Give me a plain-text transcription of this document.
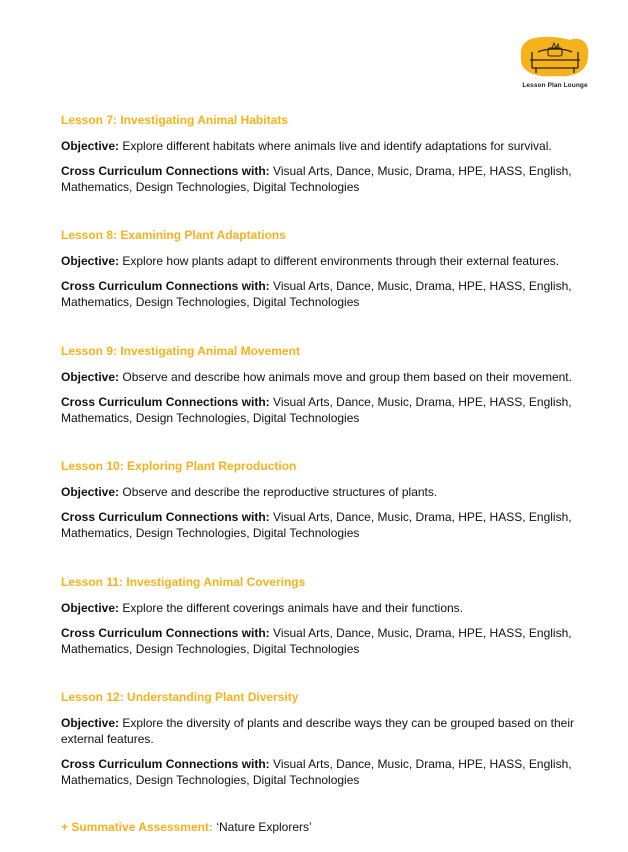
Lesson Plan Lounge
Lesson 7: Investigating Animal Habitats
Objective: Explore different habitats where animals live and identify adaptations for survival.
Cross Curriculum Connections with: Visual Arts, Dance, Music, Drama, HPE, HASS, English, Mathematics, Design Technologies, Digital Technologies
Lesson 8: Examining Plant Adaptations
Objective: Explore how plants adapt to different environments through their external features.
Cross Curriculum Connections with: Visual Arts, Dance, Music, Drama, HPE, HASS, English, Mathematics, Design Technologies, Digital Technologies
Lesson 9: Investigating Animal Movement
Objective: Observe and describe how animals move and group them based on their movement.
Cross Curriculum Connections with: Visual Arts, Dance, Music, Drama, HPE, HASS, English, Mathematics, Design Technologies, Digital Technologies
Lesson 10: Exploring Plant Reproduction
Objective: Observe and describe the reproductive structures of plants.
Cross Curriculum Connections with: Visual Arts, Dance, Music, Drama, HPE, HASS, English, Mathematics, Design Technologies, Digital Technologies
Lesson 11: Investigating Animal Coverings
Objective: Explore the different coverings animals have and their functions.
Cross Curriculum Connections with: Visual Arts, Dance, Music, Drama, HPE, HASS, English, Mathematics, Design Technologies, Digital Technologies
Lesson 12: Understanding Plant Diversity
Objective: Explore the diversity of plants and describe ways they can be grouped based on their external features.
Cross Curriculum Connections with: Visual Arts, Dance, Music, Drama, HPE, HASS, English, Mathematics, Design Technologies, Digital Technologies
+ Summative Assessment: ‘Nature Explorers’
